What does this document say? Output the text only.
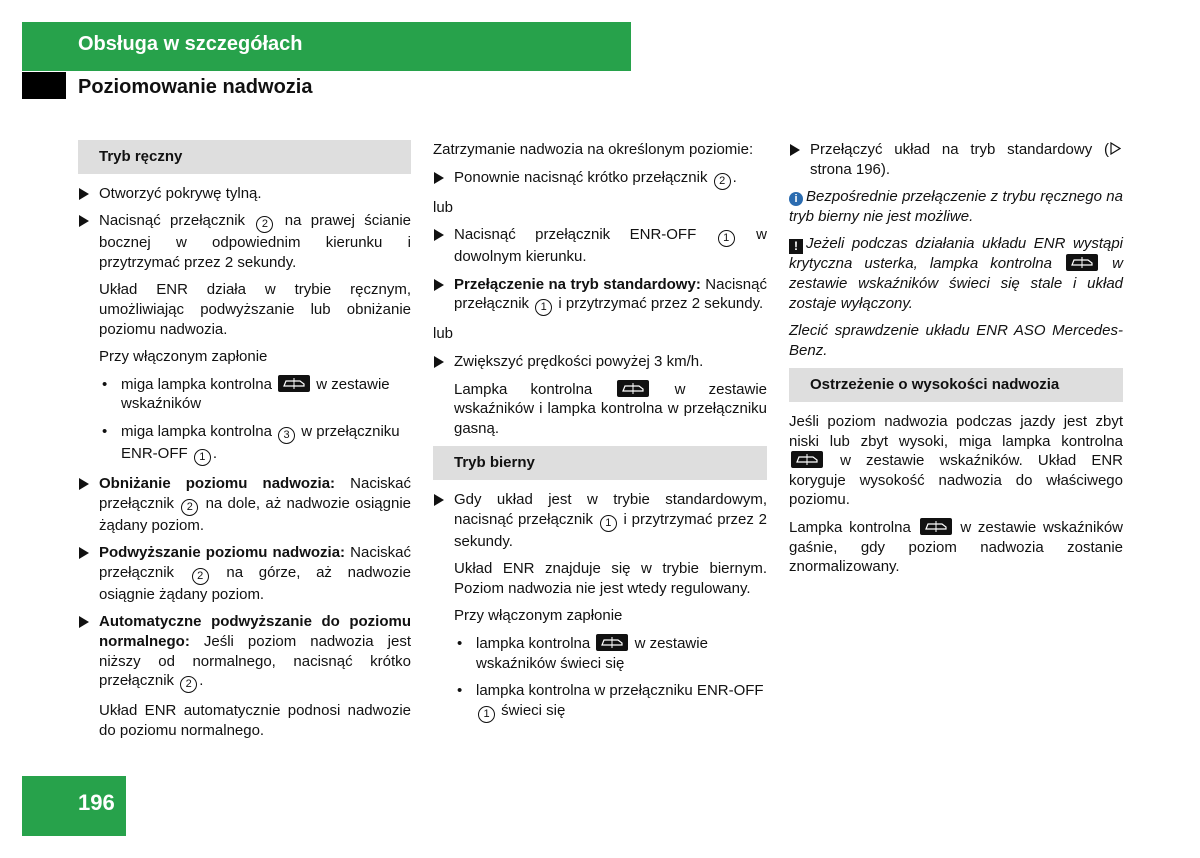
Obsługa w szczegółach
Poziomowanie nadwozia
Tryb ręczny
Otworzyć pokrywę tylną.
Nacisnąć przełącznik 2 na prawej ścianie bocznej w odpowiednim kierunku i przytrzymać przez 2 sekundy.
Układ ENR działa w trybie ręcznym, umożliwiając podwyższanie lub obniżanie poziomu nadwozia.
Przy włączonym zapłonie
• miga lampka kontrolna	w zestawie wskaźników
• miga lampka kontrolna 3 w przełączniku ENR-OFF 1 .
Obniżanie poziomu nadwozia: Naciskać przełącznik 2 na dole, aż nadwozie osiągnie żądany poziom.
Podwyższanie poziomu nadwozia: Naciskać przełącznik 2 na górze, aż nadwozie osiągnie żądany poziom.
Automatyczne podwyższanie do poziomu normalnego: Jeśli poziom nadwozia jest niższy od normalnego, nacisnąć krótko przełącznik 2 .
Układ ENR automatycznie podnosi nadwozie do poziomu normalnego.
Zatrzymanie nadwozia na określonym poziomie:
Ponownie nacisnąć krótko przełącznik 2 .
lub
Nacisnąć przełącznik ENR-OFF 1 w dowolnym kierunku.
Przełączenie na tryb standardowy: Nacisnąć przełącznik 1 i przytrzymać przez 2 sekundy.
lub
Zwiększyć prędkości powyżej 3 km/h.
Lampka kontrolna	w zestawie wskaźników i lampka kontrolna w przełączniku gasną.
Tryb bierny
Gdy układ jest w trybie standardowym, nacisnąć przełącznik 1 i przytrzymać przez 2 sekundy.
Układ ENR znajduje się w trybie biernym. Poziom nadwozia nie jest wtedy regulowany.
Przy włączonym zapłonie
• lampka kontrolna	w zestawie wskaźników świeci się
• lampka kontrolna w przełączniku ENR-OFF 1 świeci się
Przełączyć układ na tryb standardowy (strona 196).
i Bezpośrednie przełączenie z trybu ręcznego na tryb bierny nie jest możliwe.
! Jeżeli podczas działania układu ENR wystąpi krytyczna usterka, lampka kontrolna	w zestawie wskaźników świeci się stale i układ zostaje wyłączony.
Zlecić sprawdzenie układu ENR ASO Mercedes-Benz.
Ostrzeżenie o wysokości nadwozia
Jeśli poziom nadwozia podczas jazdy jest zbyt niski lub zbyt wysoki, miga lampka kontrolna
w zestawie wskaźników. Układ ENR koryguje wysokość nadwozia do właściwego poziomu.
Lampka kontrolna	w zestawie wskaźników gaśnie, gdy poziom nadwozia zostanie znormalizowany.
196
